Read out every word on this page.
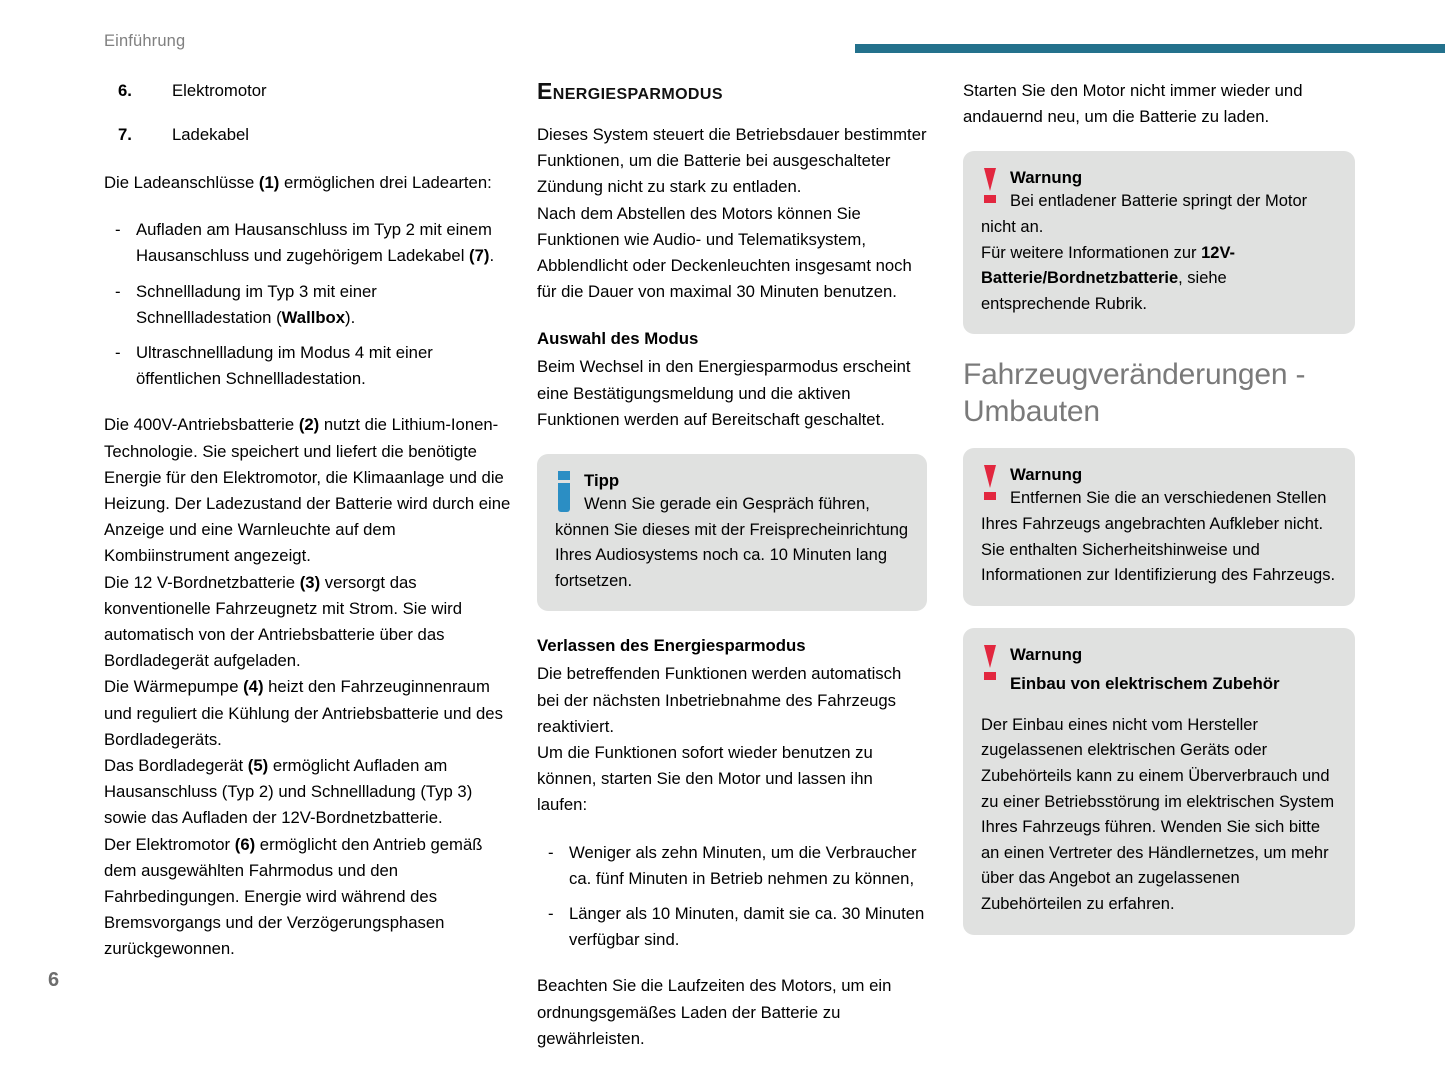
Einführung
6.	Elektromotor
7.	Ladekabel

Die Ladeanschlüsse (1) ermöglichen drei Ladearten:

- Aufladen am Hausanschluss im Typ 2 mit einem Hausanschluss und zugehörigem Ladekabel (7).
- Schnellladung im Typ 3 mit einer Schnellladestation (Wallbox).
- Ultraschnellladung im Modus 4 mit einer öffentlichen Schnellladestation.

Die 400V-Antriebsbatterie (2) nutzt die Lithium-Ionen-Technologie. Sie speichert und liefert die benötigte Energie für den Elektromotor, die Klimaanlage und die Heizung. Der Ladezustand der Batterie wird durch eine Anzeige und eine Warnleuchte auf dem Kombiinstrument angezeigt.

Die 12 V-Bordnetzbatterie (3) versorgt das konventionelle Fahrzeugnetz mit Strom. Sie wird automatisch von der Antriebsbatterie über das Bordladegerät aufgeladen.

Die Wärmepumpe (4) heizt den Fahrzeuginnenraum und reguliert die Kühlung der Antriebsbatterie und des Bordladegeräts.

Das Bordladegerät (5) ermöglicht Aufladen am Hausanschluss (Typ 2) und Schnellladung (Typ 3) sowie das Aufladen der 12V-Bordnetzbatterie.

Der Elektromotor (6) ermöglicht den Antrieb gemäß dem ausgewählten Fahrmodus und den Fahrbedingungen. Energie wird während des Bremsvorgangs und der Verzögerungsphasen zurückgewonnen.

Energiesparmodus

Dieses System steuert die Betriebsdauer bestimmter Funktionen, um die Batterie bei ausgeschalteter Zündung nicht zu stark zu entladen.

Nach dem Abstellen des Motors können Sie Funktionen wie Audio- und Telematiksystem, Abblendlicht oder Deckenleuchten insgesamt noch für die Dauer von maximal 30 Minuten benutzen.

Auswahl des Modus

Beim Wechsel in den Energiesparmodus erscheint eine Bestätigungsmeldung und die aktiven Funktionen werden auf Bereitschaft geschaltet.

Tipp

Wenn Sie gerade ein Gespräch führen, können Sie dieses mit der Freisprecheinrichtung Ihres Audiosystems noch ca. 10 Minuten lang fortsetzen.

Verlassen des Energiesparmodus

Die betreffenden Funktionen werden automatisch bei der nächsten Inbetriebnahme des Fahrzeugs reaktiviert.

Um die Funktionen sofort wieder benutzen zu können, starten Sie den Motor und lassen ihn laufen:

- Weniger als zehn Minuten, um die Verbraucher ca. fünf Minuten in Betrieb nehmen zu können,
- Länger als 10 Minuten, damit sie ca. 30 Minuten verfügbar sind.

Beachten Sie die Laufzeiten des Motors, um ein ordnungsgemäßes Laden der Batterie zu gewährleisten.

Starten Sie den Motor nicht immer wieder und andauernd neu, um die Batterie zu laden.

Warnung

Bei entladener Batterie springt der Motor nicht an.

Für weitere Informationen zur 12V-Batterie/Bordnetzbatterie, siehe entsprechende Rubrik.

Fahrzeugveränderungen - Umbauten
Warnung

Entfernen Sie die an verschiedenen Stellen Ihres Fahrzeugs angebrachten Aufkleber nicht. Sie enthalten Sicherheitshinweise und Informationen zur Identifizierung des Fahrzeugs.

Warnung
Einbau von elektrischem Zubehör

Der Einbau eines nicht vom Hersteller zugelassenen elektrischen Geräts oder Zubehörteils kann zu einem Überverbrauch und zu einer Betriebsstörung im elektrischen System Ihres Fahrzeugs führen. Wenden Sie sich bitte an einen Vertreter des Händlernetzes, um mehr über das Angebot an zugelassenen Zubehörteilen zu erfahren.

6
